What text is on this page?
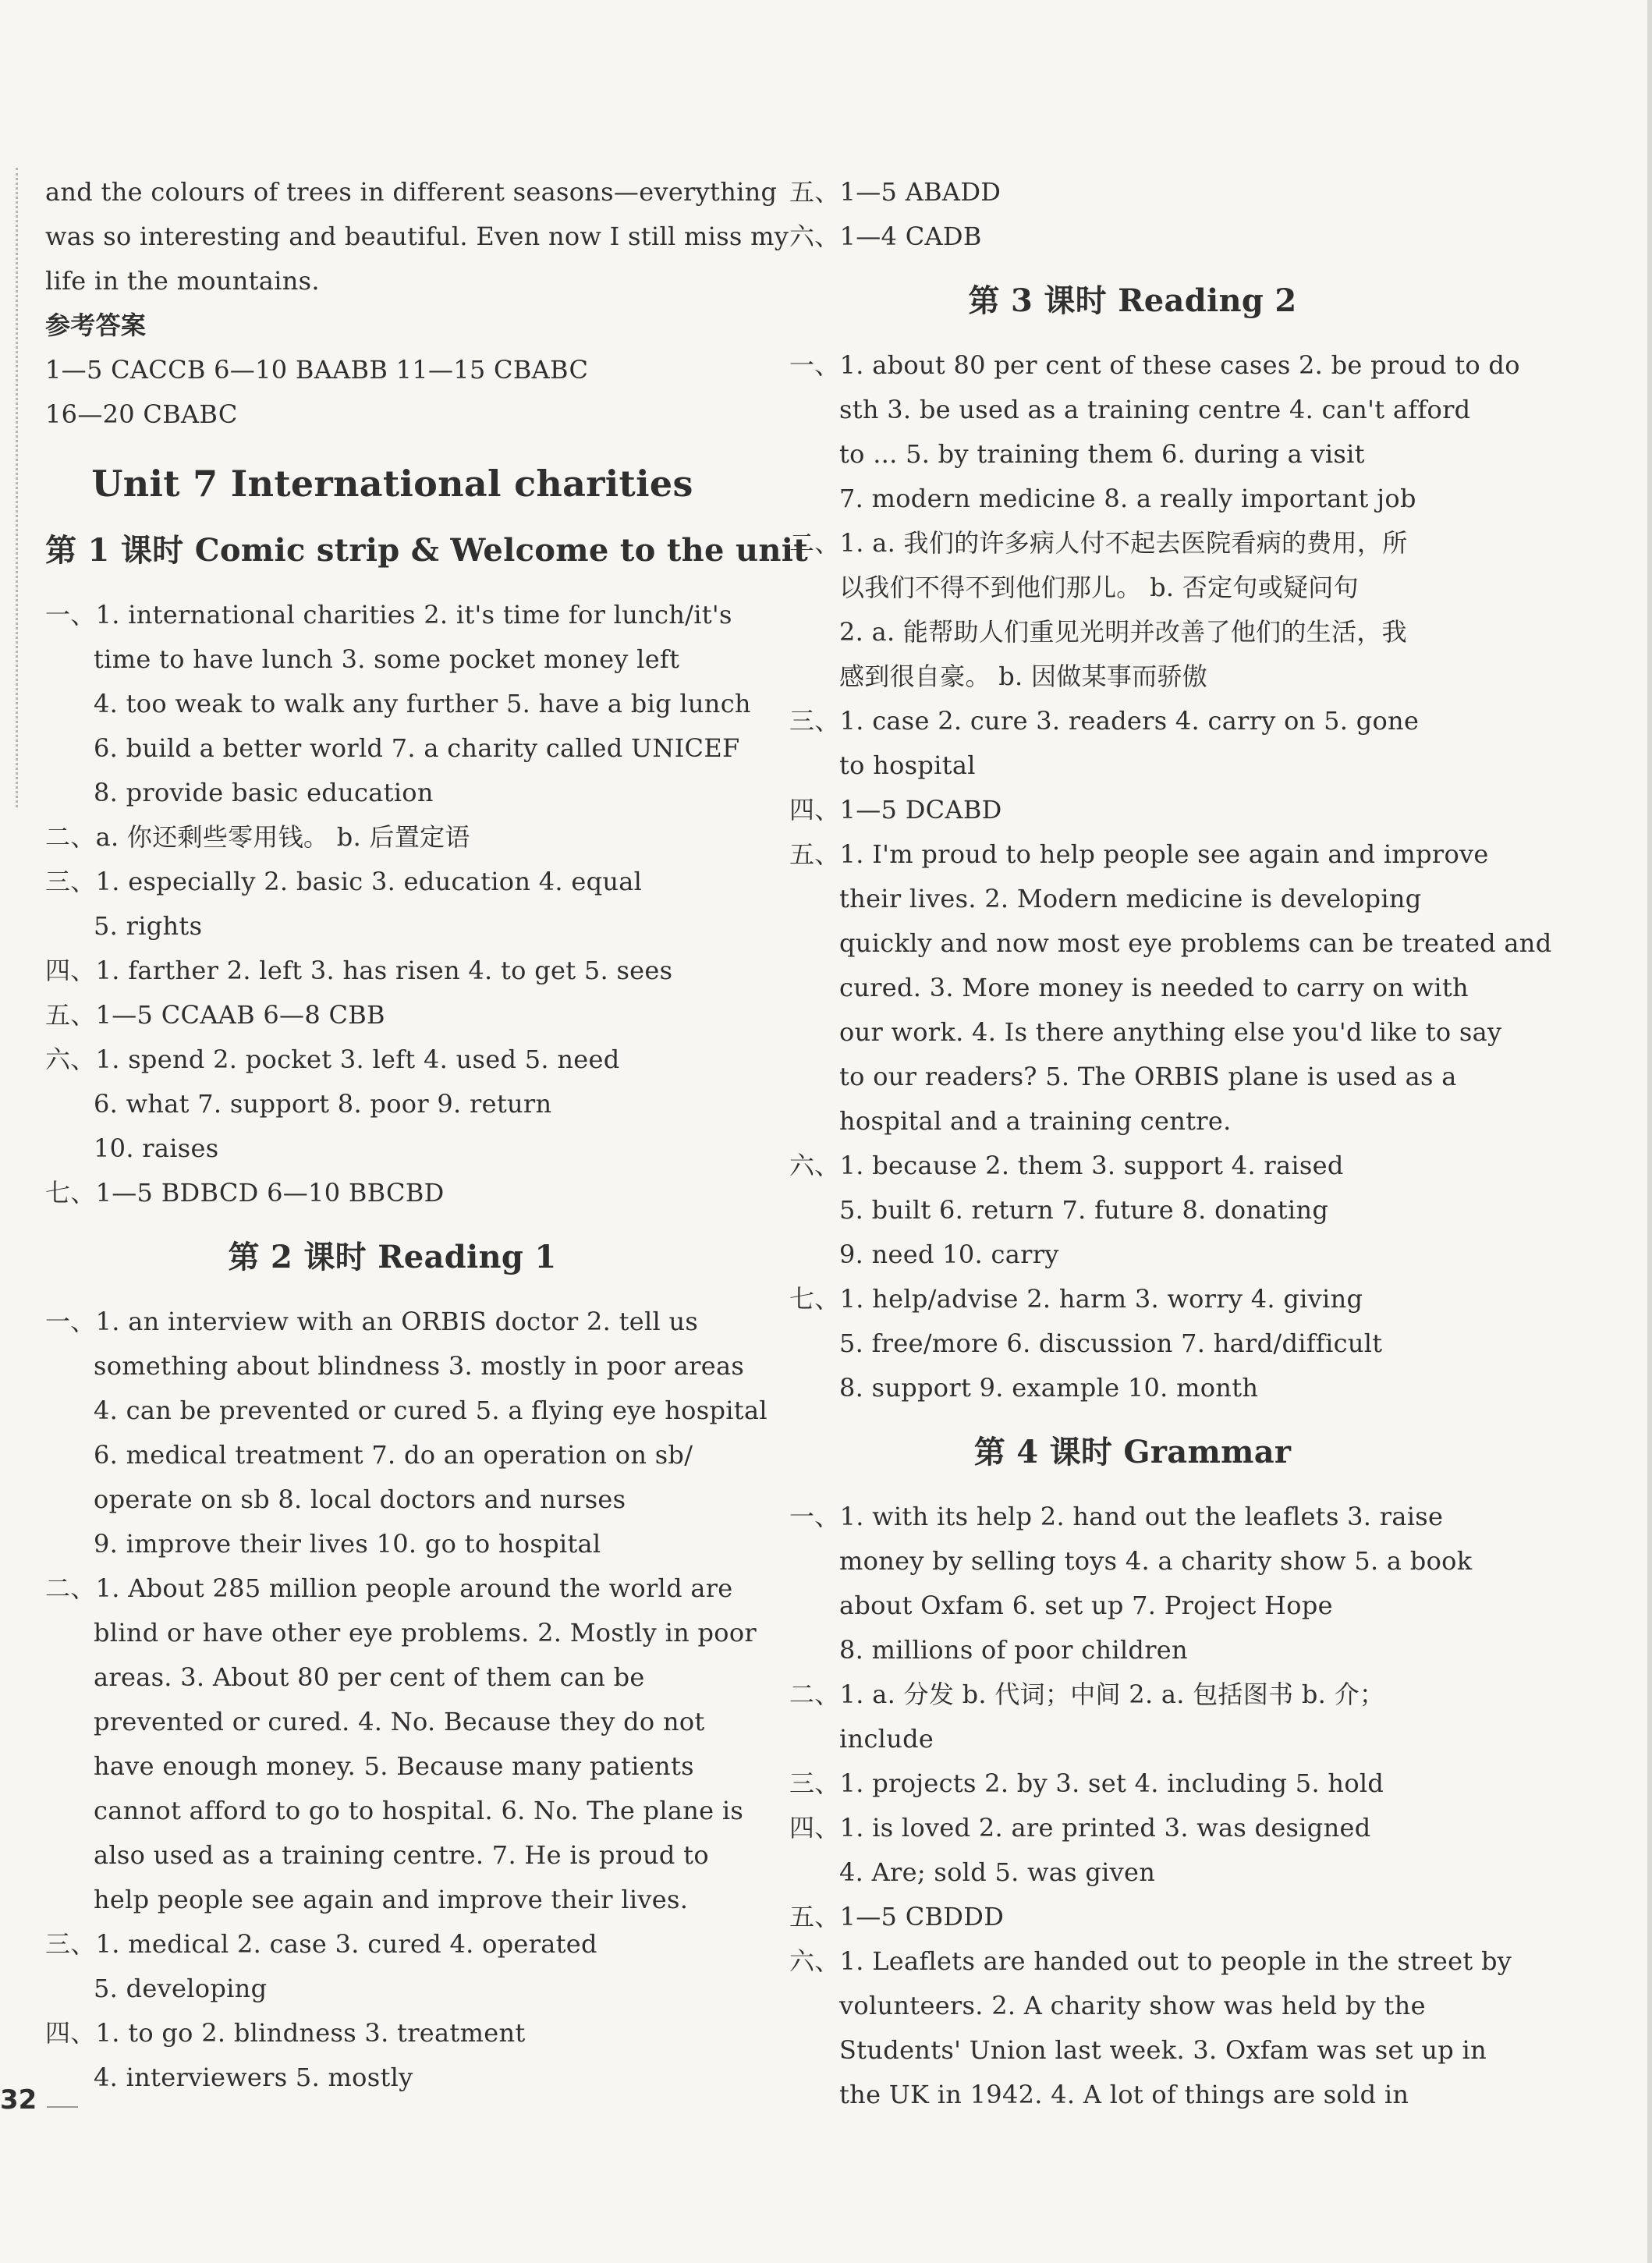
and the colours of trees in different seasons—everything
was so interesting and beautiful. Even now I still miss my
life in the mountains.
参考答案
1—5 CACCB 6—10 BAABB 11—15 CBABC
16—20 CBABC
Unit 7 International charities
第 1 课时 Comic strip & Welcome to the unit
一、1. international charities 2. it's time for lunch/it's
time to have lunch 3. some pocket money left
4. too weak to walk any further 5. have a big lunch
6. build a better world 7. a charity called UNICEF
8. provide basic education
二、a. 你还剩些零用钱。 b. 后置定语
三、1. especially 2. basic 3. education 4. equal
5. rights
四、1. farther 2. left 3. has risen 4. to get 5. sees
五、1—5 CCAAB 6—8 CBB
六、1. spend 2. pocket 3. left 4. used 5. need
6. what 7. support 8. poor 9. return
10. raises
七、1—5 BDBCD 6—10 BBCBD
第 2 课时 Reading 1
一、1. an interview with an ORBIS doctor 2. tell us
something about blindness 3. mostly in poor areas
4. can be prevented or cured 5. a flying eye hospital
6. medical treatment 7. do an operation on sb/
operate on sb 8. local doctors and nurses
9. improve their lives 10. go to hospital
二、1. About 285 million people around the world are
blind or have other eye problems. 2. Mostly in poor
areas. 3. About 80 per cent of them can be
prevented or cured. 4. No. Because they do not
have enough money. 5. Because many patients
cannot afford to go to hospital. 6. No. The plane is
also used as a training centre. 7. He is proud to
help people see again and improve their lives.
三、1. medical 2. case 3. cured 4. operated
5. developing
四、1. to go 2. blindness 3. treatment
4. interviewers 5. mostly
五、1—5 ABADD
六、1—4 CADB
第 3 课时 Reading 2
一、1. about 80 per cent of these cases 2. be proud to do
sth 3. be used as a training centre 4. can't afford
to ... 5. by training them 6. during a visit
7. modern medicine 8. a really important job
二、1. a. 我们的许多病人付不起去医院看病的费用，所
以我们不得不到他们那儿。 b. 否定句或疑问句
2. a. 能帮助人们重见光明并改善了他们的生活，我
感到很自豪。 b. 因做某事而骄傲
三、1. case 2. cure 3. readers 4. carry on 5. gone
to hospital
四、1—5 DCABD
五、1. I'm proud to help people see again and improve
their lives. 2. Modern medicine is developing
quickly and now most eye problems can be treated and
cured. 3. More money is needed to carry on with
our work. 4. Is there anything else you'd like to say
to our readers? 5. The ORBIS plane is used as a
hospital and a training centre.
六、1. because 2. them 3. support 4. raised
5. built 6. return 7. future 8. donating
9. need 10. carry
七、1. help/advise 2. harm 3. worry 4. giving
5. free/more 6. discussion 7. hard/difficult
8. support 9. example 10. month
第 4 课时 Grammar
一、1. with its help 2. hand out the leaflets 3. raise
money by selling toys 4. a charity show 5. a book
about Oxfam 6. set up 7. Project Hope
8. millions of poor children
二、1. a. 分发 b. 代词；中间 2. a. 包括图书 b. 介；
include
三、1. projects 2. by 3. set 4. including 5. hold
四、1. is loved 2. are printed 3. was designed
4. Are; sold 5. was given
五、1—5 CBDDD
六、1. Leaflets are handed out to people in the street by
volunteers. 2. A charity show was held by the
Students' Union last week. 3. Oxfam was set up in
the UK in 1942. 4. A lot of things are sold in
32
